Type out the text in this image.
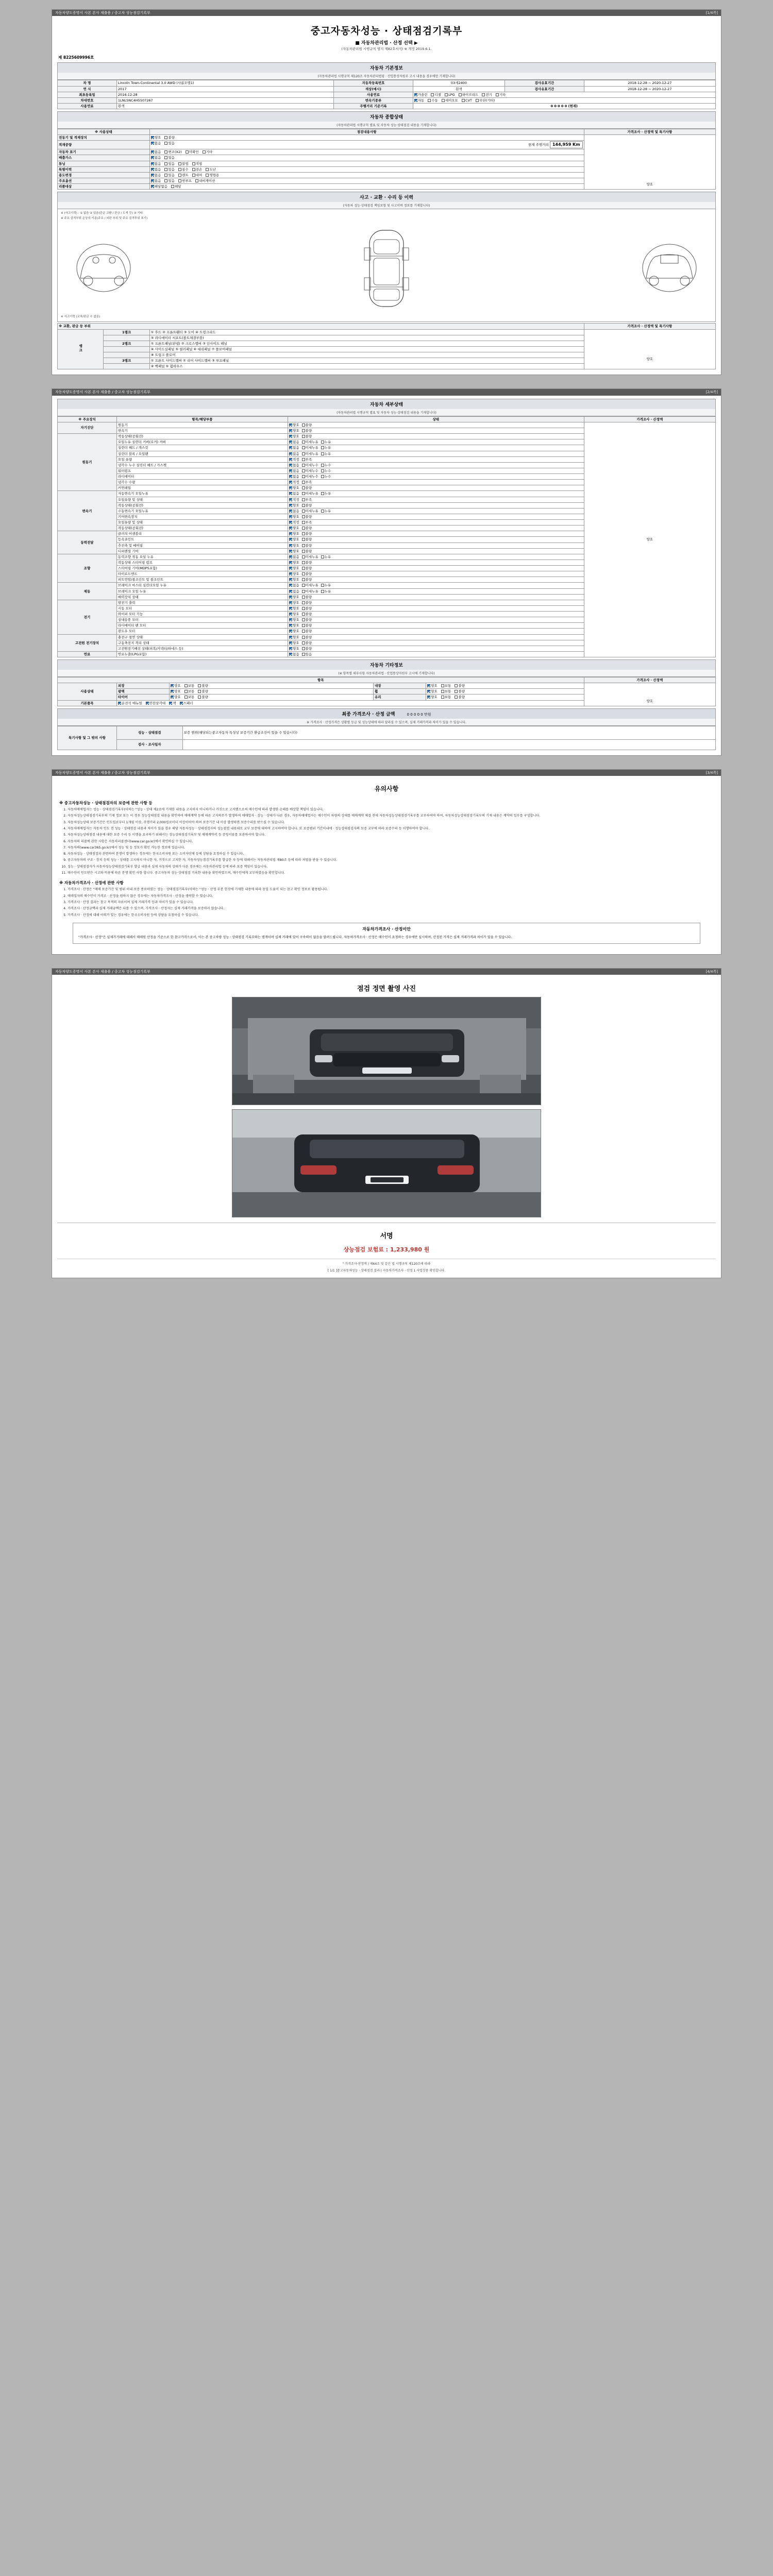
자동차양도증명서 사본 본사 제출용 / 중고차 성능점검기록부	[1/4쪽]
중고자동차성능 · 상태점검기록부
■ 자동차관리법 · 산정 선택 ▶
(자동차관리법 시행규칙 별지 제82호서식) ※ 개정 2019.6.1.
제 8225609996호
자동차 기본정보
(자동차관리법 시행규칙 제120조 자동차관리법령 · 산업통상자원부 고시 내용을 경우에만 기재합니다)
차 명	Lincoln Town-Continental 3.0 AWD (사륜모델1)	자동차등록번호	03세2400	검사유효기간	2018-12-28 ~ 2020-12-27
연 식	2017	색상(예시)	흰색	검사유효기간	2018-12-28 ~ 2020-12-27
최초등록일	2016-12-28	사용연료	가솔린 디젤 LPG 하이브리드 전기 기타		
차대번호	1LNLSNC4H5507267	변속기종류	자동 수동 세미오토 CVT 무단(기타)		
사용연료	흰색	주행거리 기준기록	0 0 0 0 0 (현재)		
자동차 종합상태
(자동차관리법 시행규칙 별표 및 자동차 성능·상태점검 내용을 기재합니다)
※ 사용상태	점검내용사항	가격조사 · 산정액 및 특기사항
전동기 및 적재장치	양호 불량	양호

적재중량	없음 있음 현재 주행거리 144,959 Km	

자동차 표기	없음 변조(X2) 미확인 기타	
배출가스	없음 있음	
튜닝	없음 있음 불법 적법	
특별이력	없음 있음 침수 전손 도난	
용도변경	없음 있음 렌트 대여 영업용	
주요옵션	없음 있음 썬루프 내비게이션	
리콜대상	해당없음 해당	
사고 · 교환 · 수리 등 이력
(자동차 성능·상태점검 책임보험 및 사고이력 정보를 기재합니다)
※ (사고이력) : ① 없음 ② 있음(단순 교환 / 판금 / 도색 등) ③ 기타
※ 주요 골격부위 손상의 기준(주요 / 외판 부위 및 주요 골격부위 표기)
※ 사고이력 (교차/판금 수 없음)
※ 교환, 판금 등 부위			가격조사 · 산정액 및 특기사항
랭크	1랭크	① 후드 ② 프론트휀더 ③ 도어 ④ 트렁크리드	양호

		⑤ 라디에이터 서포트(볼트체결부품)	
	2랭크	① 프론트패널(판넬) ② 크로스멤버 ③ 인사이드 패널	
		④ 사이드실패널 ⑤ 필러패널 ⑥ 대쉬패널 ⑦ 플로어패널	
		⑧ 트렁크 플로어	
	3랭크	① 프론트 사이드멤버 ② 리어 사이드멤버 ③ 루프패널	
		④ 백패널 ⑤ 휠하우스	
자동차양도증명서 사본 본사 제출용 / 중고차 성능점검기록부	[2/4쪽]
자동차 세부상태
(자동차관리법 시행규칙 별표 및 자동차 성능·상태점검 내용을 기재합니다)
※ 주요장치	항목/해당부품	상태	가격조사 · 산정액
자기진단	원동기	양호 불량	양호
	변속기	양호 불량	
원동기	작동상태(공회전)	양호 불량	
	오일누유 실린더 커버(로커) 커버	없음 미세누유 누유	
	실린더 헤드 / 개스킷	없음 미세누유 누유	
	실린더 블록 / 오일팬	없음 미세누유 누유	
	오일 유량	적정 부족	
	냉각수 누수 실린더 헤드 / 가스켓	없음 미세누수 누수	
	워터펌프	없음 미세누수 누수	
	라디에이터	없음 미세누수 누수	
	냉각수 수량	적정 부족	
	커먼레일	양호 불량	
변속기	자동변속기 오일누유	없음 미세누유 누유	
	오일유량 및 상태	적정 부족	
	작동상태(공회전)	양호 불량	
	수동변속기 오일누유	없음 미세누유 누유	
	기어변속장치	양호 불량	
	오일유량 및 상태	적정 부족	
	작동상태(공회전)	양호 불량	
동력전달	클러치 어셈블리	양호 불량	
	등속죠인트	양호 불량	
	추진축 및 베어링	양호 불량	
	디퍼렌셜 기어	양호 불량	
조향	동력조향 작동 오일 누유	없음 미세누유 누유	
	작동상태 스티어링 펌프	양호 불량	
	스티어링 기어(MDPS포함)	양호 불량	
	타이로드엔드	양호 불량	
	피트먼암/볼조인트 및 볼조인트	양호 불량	
제동	브레이크 마스터 실린더오일 누유	없음 미세누유 누유	
	브레이크 오일 누유	없음 미세누유 누유	
	배력장치 상태	양호 불량	
전기	발전기 출력	양호 불량	
	시동 모터	양호 불량	
	와이퍼 모터 기능	양호 불량	
	실내송풍 모터	양호 불량	
	라디에이터 팬 모터	양호 불량	
	윈도우 모터	양호 불량	
고전원 전기장치	충전구 절연 상태	양호 불량	
	구동축전지 격리 상태	양호 불량	
	고전원전기배선 상태(피복/커넥터/하네스 등)	양호 불량	
연료	연료누출(LPG포함)	없음 있음	
자동차 기타정보
(※ 항목별 세부사항 자동차관리법 · 산업통상자원부 고시에 기재합니다)
항목					가격조사 · 산정액
사용상태	외장	양호 보통 불량	내장	양호 보통 불량	양호

	광택	양호 보통 불량	휠	양호 보통 불량	
	타이어	양호 보통 불량	유리	양호 보통 불량	
기본품목	운전석 매뉴얼 안전삼각대 잭 스패너				
최종 가격조사 · 산정 금액	0 0 0 0 0 만원
※ 가격조사 · 산정가격은 상황별 등급 및 성능상태에 따라 달라질 수 있으며, 실제 거래가격과 차이가 있을 수 있습니다.
특기사항 및 그 밖의 사항	성능 · 상태점검	보증 범위(해당되는중고자동차 특성상 보증기간 환급조건이 있을 수 있습니다)
	검사 · 조사일자	
자동차양도증명서 사본 본사 제출용 / 중고차 성능점검기록부	[3/4쪽]
유의사항
※ 중고자동차성능 · 상태점검자의 보증에 관한 사항 등
1. 자동차매매업자는 성능 · 상태점검기록부(이하는 "성능 · 상태 제2조에 기재한 내용을 고지하지 아니하거나 거짓으로 고지했으로써 매수인에 따라 발생한 손해를 배상할 책임이 있습니다.
2. 자동차성능상태점검기록부의 기재 정보 또는 이 경우 성능상태점검 내용을 확인하여 매매계약 등에 따른 고지의무가 발생하며 매매업자 · 성능 · 상태가 다른 경우, 자동차매매업자는 매수인이 차량의 상태를 매매계약 체결 전에 자동차성능상태점검기록부를 교부하여야 하며, 자동차성능상태점검기록부의 기재 내용은 계약의 일부를 구성합니다.
3. 자동차성능상태 보증기간은 인도일로부터 1개월 이상, 주행거리 2,000킬로미터 이상이어야 하며 보증기간 내 이상 발생하면 보증수리를 받으실 수 있습니다.
4. 자동차매매업자는 자동차 인도 전 성능 · 상태점검 내용과 차이가 있을 경우 해당 자동차성능 · 상태점검자의 성능점검 내용대로 교부 보증에 대하여 고지하여야 합니다. 또 보증범위 기간이내에 · 성능상태점검자의 보증 교부에 따라 보증수리 등 이행하여야 합니다.
5. 자동차성능상태점검 내용에 대한 보증 수리 등 이행을 요구하기 위해서는 성능상태점검기록부 및 매매계약서 등 증빙서류를 보관하셔야 합니다.
6. 자동차의 리콜에 관한 사항은 자동차리콜센터(www.car.go.kr)에서 확인하실 수 있습니다.
7. 자동차의(www.car365.go.kr)에서 성능 및 등 정보가 확인 가능한 정보에 있습니다.
8. 자동차성능 · 상태점검과 관련하여 분쟁이 발생하는 경우에는 한국소비자원 또는 소비자단체 등에 상담을 요청하실 수 있습니다.
9. 중고자동차의 구조 · 장치 등의 성능 · 상태를 고지하지 아니한 자, 거짓으로 고지한 자, 자동차성능점검기록부를 발급한 자 등에 대해서는 자동차관리법 제80조 등에 따라 처벌을 받을 수 있습니다.
10. 성능 · 상태점검자가 자동차성능상태점검기록부 발급 내용과 실제 자동차의 상태가 다른 경우에는 자동차관리법 등에 따라 보증 책임이 있습니다.
11. 매수인이 인도받은 시고와 비용에 따른 분쟁 확인 사항 합니다. 중고자동차 성능·상태점검 기록한 내용을 확인하였으며, 매수인에게 교부하였음을 확인합니다.
※ 자동차가격조사 · 산정에 관한 사항
1. 가격조사 · 산정은 "매매 보증기간 및 범위 이내 보증 종료하였는 성능 · 상태점검기록부(이하는 "성능 · 산정 부분 한것에 기재한 내용에 따라 동일 도움이 되는 참고 확인 정보로 활용됩니다.
2. 매매업자의 매수인이 가격조 · 산정을 원하지 않은 경우에는 자동차가격조사 · 산정을 생략할 수 있습니다.
3. 가격조사 · 산정 결과는 참고 목적의 자료이며 실제 거래가격 등과 차이가 있을 수 있습니다.
4. 가격조사 · 산정금액과 실제 거래금액은 다를 수 있으며, 가격조사 · 산정자는 실제 거래가격을 보증하지 않습니다.
5. 가격조사 · 산정에 대해 이의가 있는 경우에는 한국소비자원 등에 상담을 요청하실 수 있습니다.
자동차가격조사 · 산정이안
"가격조사 · 산정"은 실제가거래에 대해서 매매원 산정을 기준으로 한 참고가격으로서, 이는 본 중고차량 성능 · 상태점검 기록부와는 별개이며 실제 거래에 있어 구속력이 없음을 알려드립니다. 자동차가격조사 · 산정은 매수인이 요청하는 경우에만 실시하며, 산정된 가격은 실제 거래가격과 차이가 있을 수 있습니다.
자동차양도증명서 사본 본사 제출용 / 중고차 성능점검기록부	[4/4쪽]
점검 정면 촬영 사진
서명
상능점검 보험료 : 1,233,980 원
" 가격조사·산정액 / 제64조 및 같은 법 시행규칙 제120조에 따라
[ 1/1 ]중고자동차성능 · 상태점검 결과 | 자동차가격조사 · 산정 1 사업장용 확인합니다.
